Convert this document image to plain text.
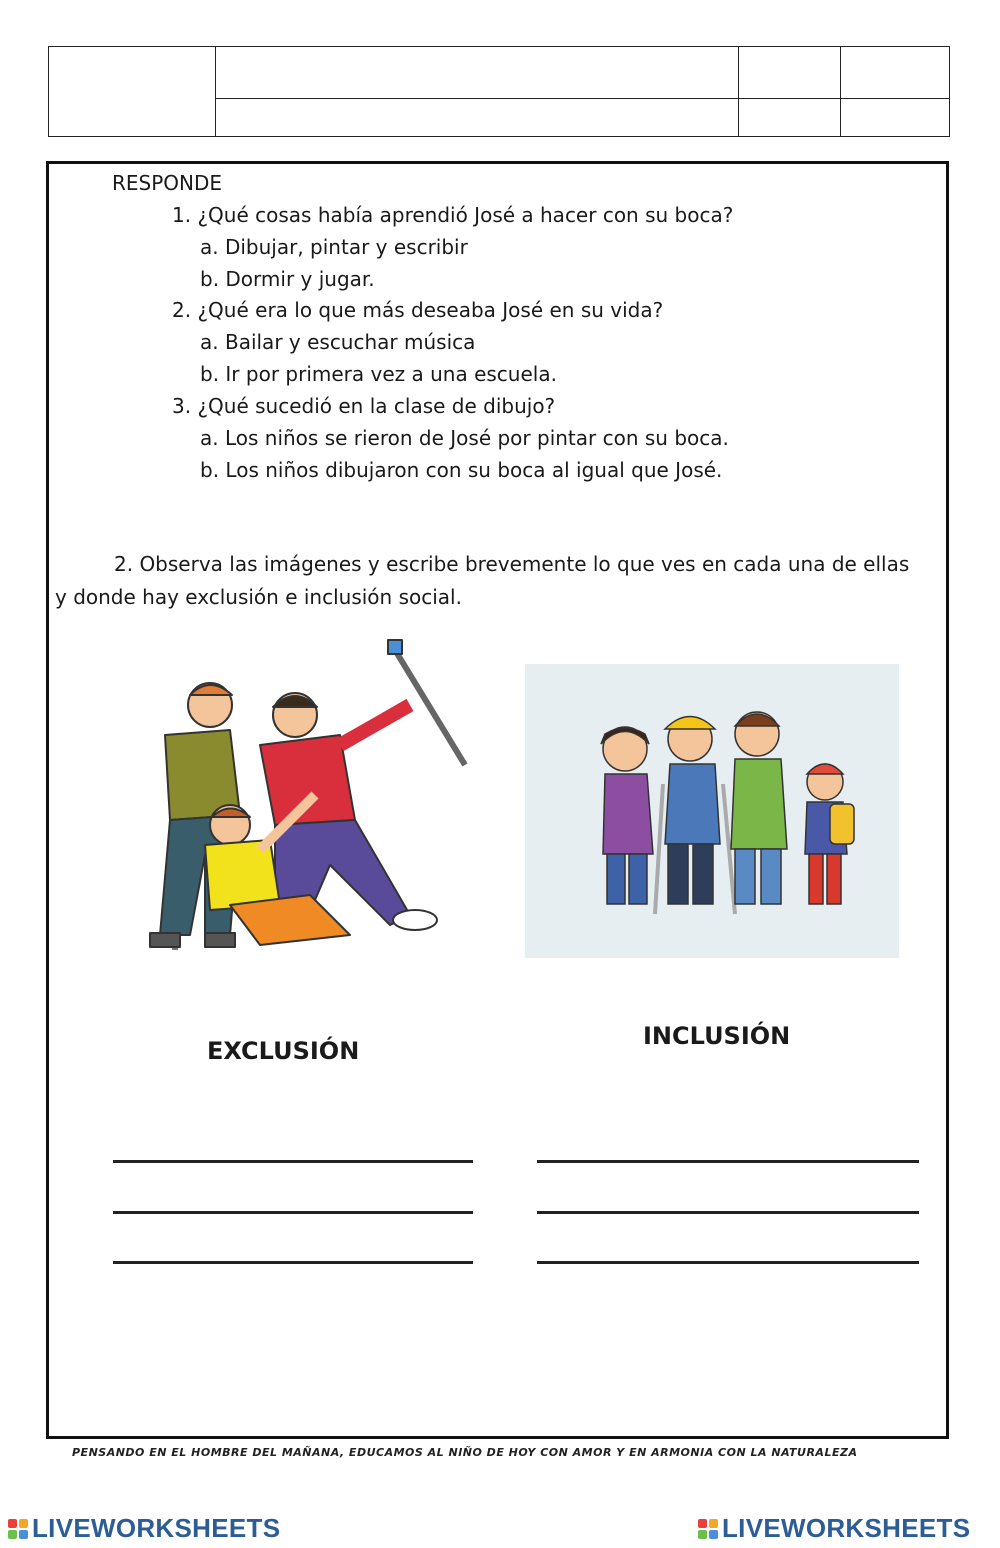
RESPONDE
1. ¿Qué cosas había aprendió José a hacer con su boca?
a. Dibujar, pintar y escribir
b. Dormir y jugar.
2. ¿Qué era lo que más deseaba José en su vida?
a. Bailar y escuchar música
b. Ir por primera vez a una escuela.
3. ¿Qué sucedió en la clase de dibujo?
a. Los niños se rieron de José por pintar con su boca.
b. Los niños dibujaron con su boca al igual que José.
2. Observa las imágenes y escribe brevemente lo que ves en cada una de ellas
y donde hay exclusión e inclusión social.
EXCLUSIÓN
INCLUSIÓN
PENSANDO EN EL HOMBRE DEL MAÑANA, EDUCAMOS AL NIÑO DE HOY CON AMOR Y EN ARMONIA CON LA NATURALEZA
LIVEWORKSHEETS	LIVEWORKSHEETS
